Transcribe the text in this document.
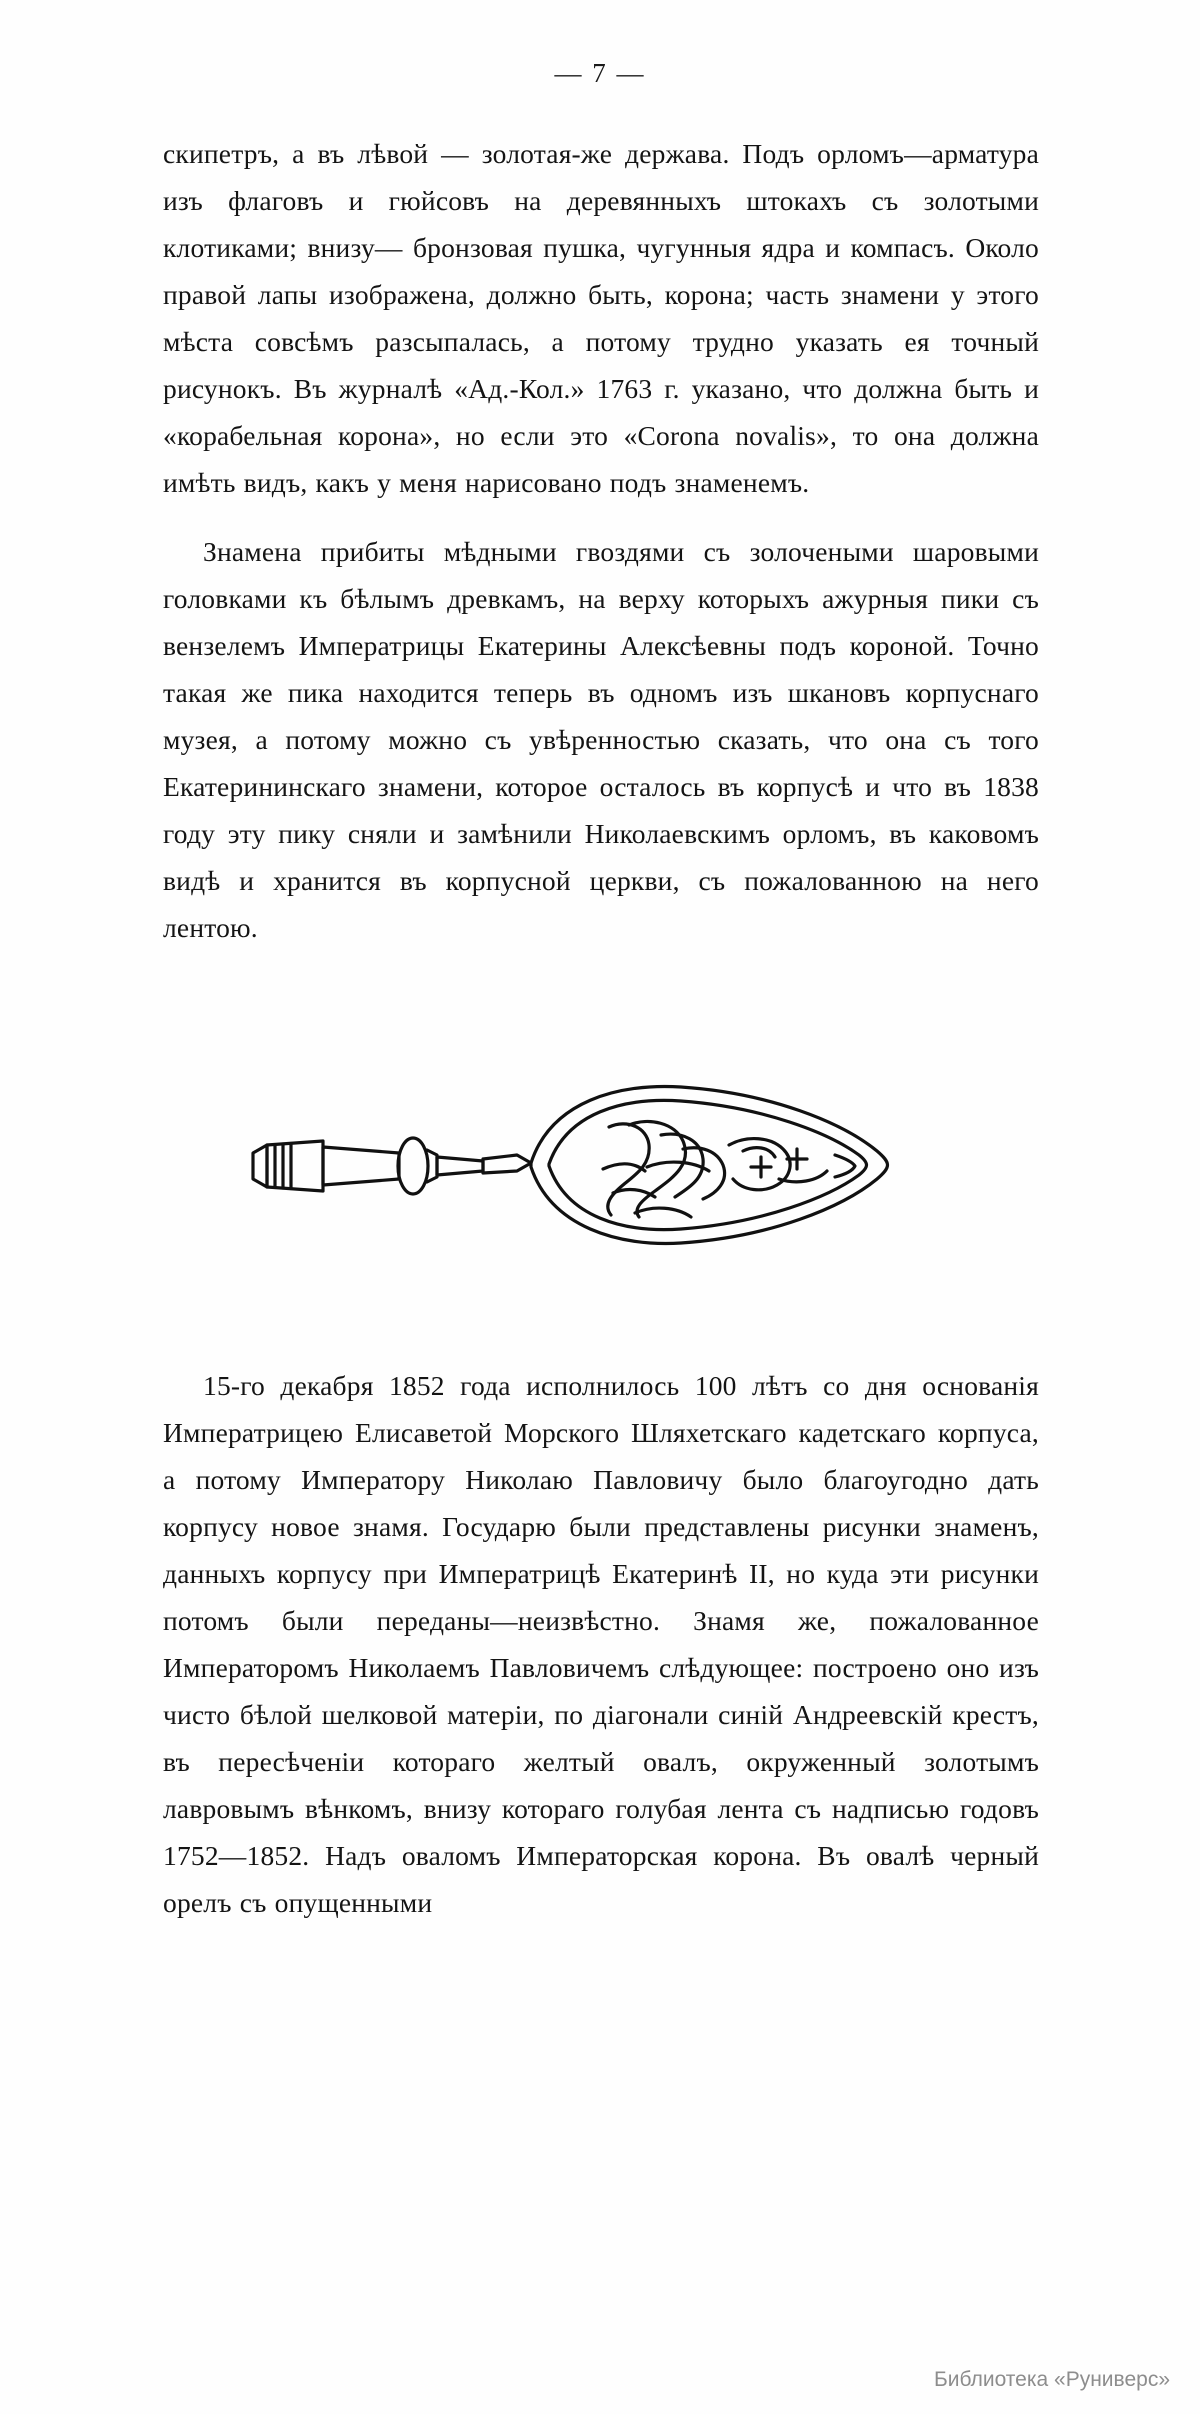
— 7 —

скипетръ, а въ лѣвой — золотая-же держава. Подъ орломъ—арматура изъ флаговъ и гюйсовъ на деревянныхъ штокахъ съ золотыми клотиками; внизу— бронзовая пушка, чугунныя ядра и компасъ. Около правой лапы изображена, должно быть, корона; часть знамени у этого мѣста совсѣмъ разсыпалась, а потому трудно указать ея точный рисунокъ. Въ журналѣ «Ад.-Кол.» 1763 г. указано, что должна быть и «корабельная корона», но если это «Corona novalis», то она должна имѣть видъ, какъ у меня нарисовано подъ знаменемъ.

Знамена прибиты мѣдными гвоздями съ золочеными шаровыми головками къ бѣлымъ древкамъ, на верху которыхъ ажурныя пики съ вензелемъ Императрицы Екатерины Алексѣевны подъ короной. Точно такая же пика находится теперь въ одномъ изъ шкановъ корпуснаго музея, а потому можно съ увѣренностью сказать, что она съ того Екатерининскаго знамени, которое осталось въ корпусѣ и что въ 1838 году эту пику сняли и замѣнили Николаевскимъ орломъ, въ каковомъ видѣ и хранится въ корпусной церкви, съ пожалованною на него лентою.

15-го декабря 1852 года исполнилось 100 лѣтъ со дня основанія Императрицею Елисаветой Морского Шляхетскаго кадетскаго корпуса, а потому Императору Николаю Павловичу было благоугодно дать корпусу новое знамя. Государю были представлены рисунки знаменъ, данныхъ корпусу при Императрицѣ Екатеринѣ II, но куда эти рисунки потомъ были переданы—неизвѣстно. Знамя же, пожалованное Императоромъ Николаемъ Павловичемъ слѣдующее: построено оно изъ чисто бѣлой шелковой матеріи, по діагонали синій Андреевскій крестъ, въ пересѣченіи котораго желтый овалъ, окруженный золотымъ лавровымъ вѣнкомъ, внизу котораго голубая лента съ надписью годовъ 1752—1852. Надъ оваломъ Императорская корона. Въ овалѣ черный орелъ съ опущенными

Библиотека «Руниверс»
